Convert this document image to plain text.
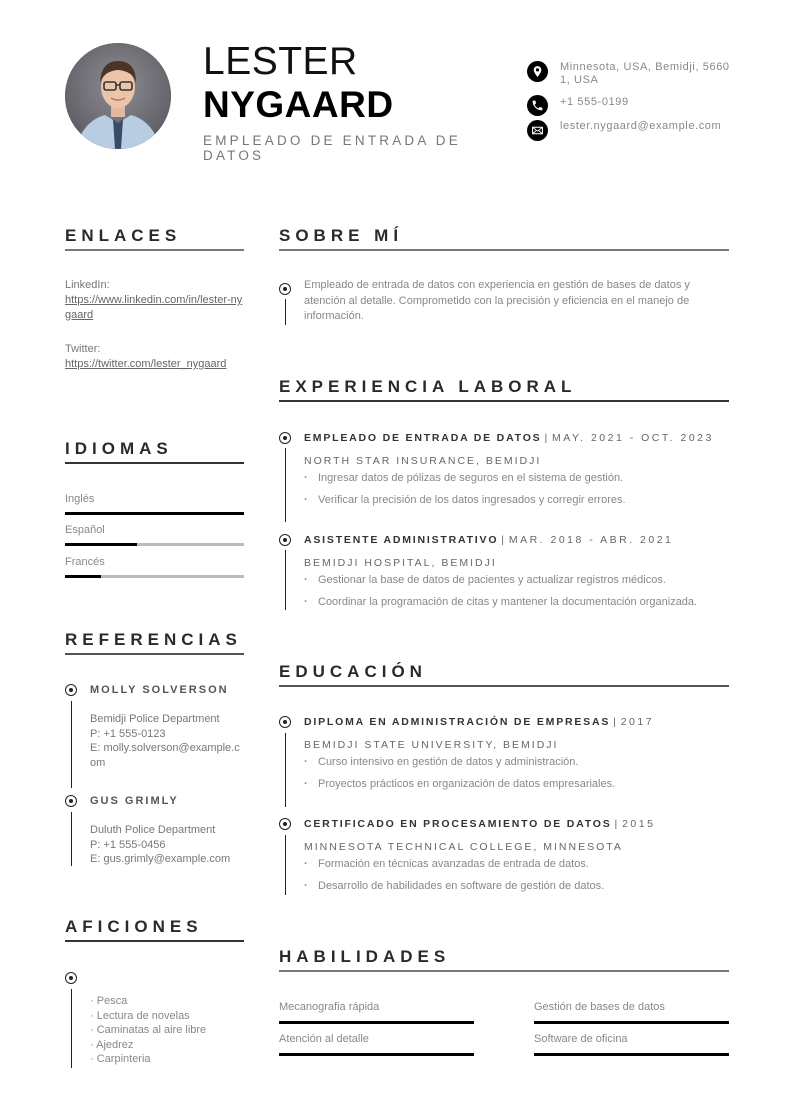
LESTER
NYGAARD
EMPLEADO DE ENTRADA DE DATOS
Minnesota, USA, Bemidji, 56601, USA
+1 555-0199
lester.nygaard@example.com
ENLACES
LinkedIn:
https://www.linkedin.com/in/lester-nygaard
Twitter:
https://twitter.com/lester_nygaard
IDIOMAS
Inglés
Español
Francés
REFERENCIAS
MOLLY SOLVERSON
Bemidji Police Department
P: +1 555-0123
E: molly.solverson@example.com
GUS GRIMLY
Duluth Police Department
P: +1 555-0456
E: gus.grimly@example.com
AFICIONES
· Pesca
· Lectura de novelas
· Caminatas al aire libre
· Ajedrez
· Carpinteria
SOBRE MÍ
Empleado de entrada de datos con experiencia en gestión de bases de datos y atención al detalle. Comprometido con la precisión y eficiencia en el manejo de información.
EXPERIENCIA LABORAL
EMPLEADO DE ENTRADA DE DATOS | MAY. 2021 - OCT. 2023
NORTH STAR INSURANCE, BEMIDJI
· Ingresar datos de pólizas de seguros en el sistema de gestión.
· Verificar la precisión de los datos ingresados y corregir errores.
ASISTENTE ADMINISTRATIVO | MAR. 2018 - ABR. 2021
BEMIDJI HOSPITAL, BEMIDJI
· Gestionar la base de datos de pacientes y actualizar registros médicos.
· Coordinar la programación de citas y mantener la documentación organizada.
EDUCACIÓN
DIPLOMA EN ADMINISTRACIÓN DE EMPRESAS | 2017
BEMIDJI STATE UNIVERSITY, BEMIDJI
· Curso intensivo en gestión de datos y administración.
· Proyectos prácticos en organización de datos empresariales.
CERTIFICADO EN PROCESAMIENTO DE DATOS | 2015
MINNESOTA TECHNICAL COLLEGE, MINNESOTA
· Formación en técnicas avanzadas de entrada de datos.
· Desarrollo de habilidades en software de gestión de datos.
HABILIDADES
Mecanografia rápida	Gestión de bases de datos
Atención al detalle	Software de oficina
